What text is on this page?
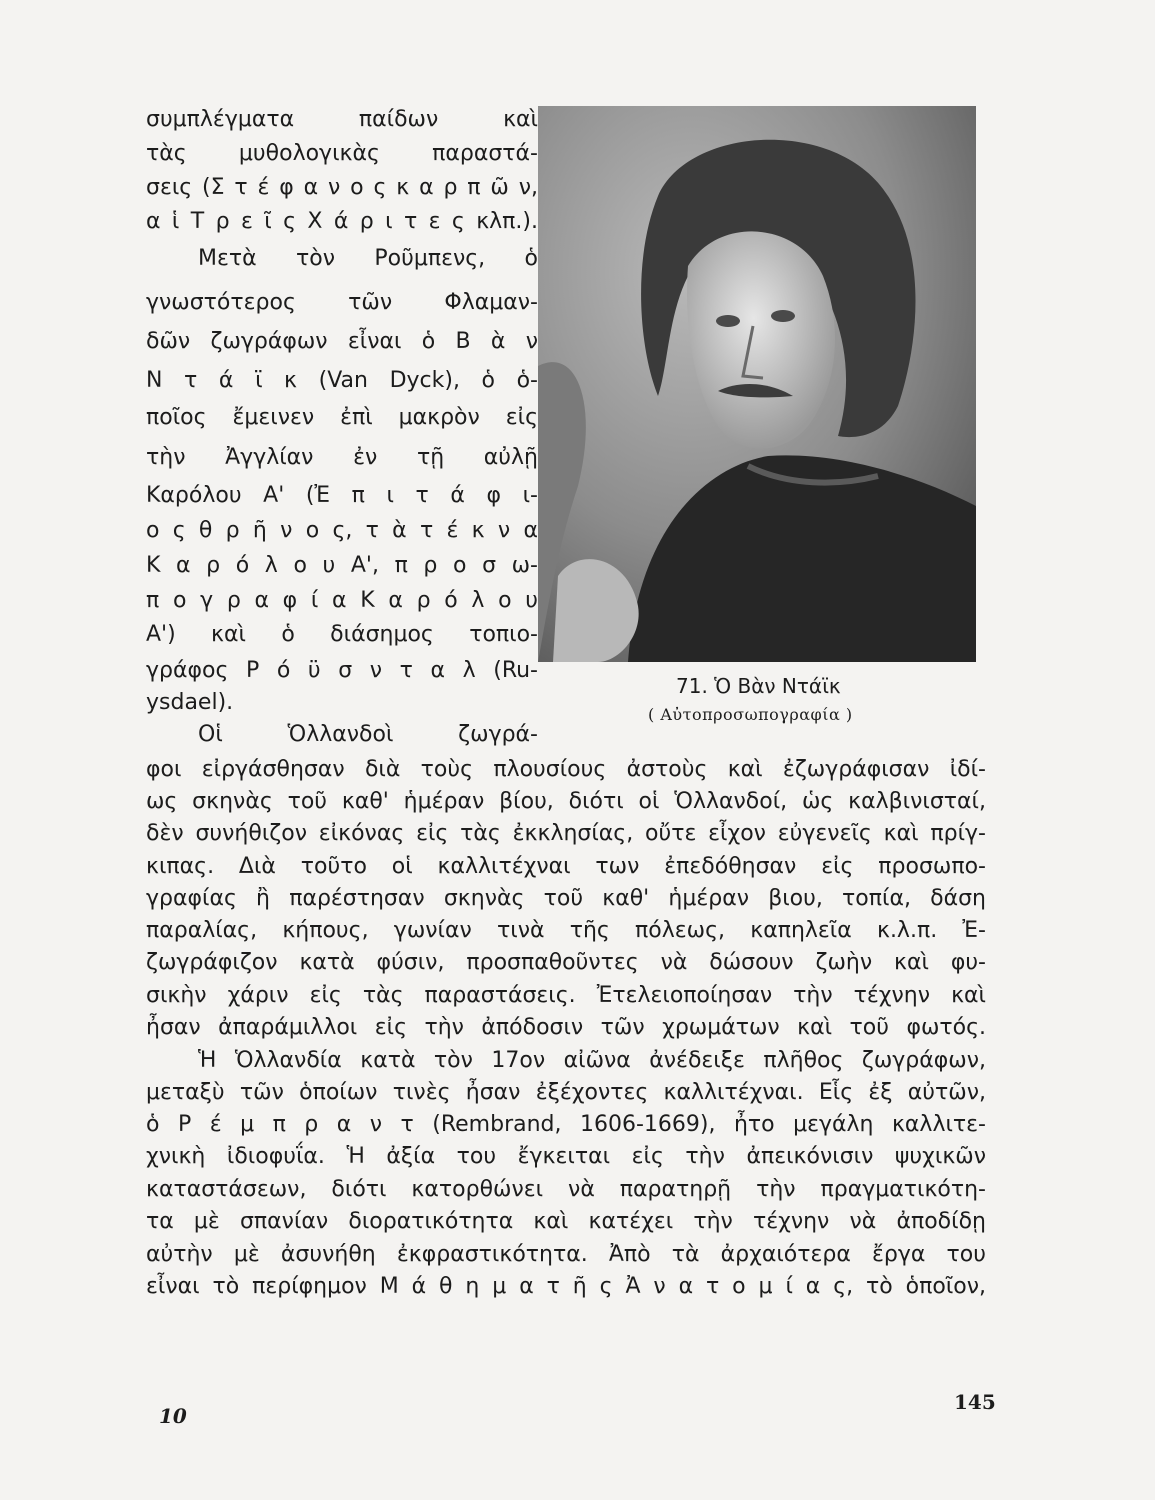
συμπλέγματα παίδων καὶ
τὰς μυθολογικὰς παραστά-
σεις (Σ τ έ φ α ν ο ς κ α ρ π ῶ ν,
α ἱ Τ ρ ε ῖ ς Χ ά ρ ι τ ε ς κλπ.).
Μετὰ τὸν Ροῦμπενς, ὁ
γνωστότερος τῶν Φλαμαν-
δῶν ζωγράφων εἶναι ὁ Β ὰ ν
Ν τ ά ϊ κ (Van Dyck), ὁ ὁ-
ποῖος ἔμεινεν ἐπὶ μακρὸν εἰς
τὴν Ἀγγλίαν ἐν τῇ αὐλῇ
Καρόλου Α' (Ἐ π ι τ ά φ ι-
ο ς θ ρ ῆ ν ο ς, τ ὰ τ έ κ ν α
Κ α ρ ό λ ο υ Α', π ρ ο σ ω-
π ο γ ρ α φ ί α Κ α ρ ό λ ο υ
Α') καὶ ὁ διάσημος τοπιο-
γράφος Ρ ό ϋ σ ν τ α λ (Ru-
ysdael).
Οἱ Ὁλλανδοὶ ζωγρά-
71. Ὁ Βὰν Ντάϊκ
( Αὐτοπροσωπογραφία )
φοι εἰργάσθησαν διὰ τοὺς πλουσίους ἀστοὺς καὶ ἐζωγράφισαν ἰδί-
ως σκηνὰς τοῦ καθ' ἡμέραν βίου, διότι οἱ Ὁλλανδοί, ὡς καλβινισταί,
δὲν συνήθιζον εἰκόνας εἰς τὰς ἐκκλησίας, οὔτε εἶχον εὐγενεῖς καὶ πρίγ-
κιπας. Διὰ τοῦτο οἱ καλλιτέχναι των ἐπεδόθησαν εἰς προσωπο-
γραφίας ἢ παρέστησαν σκηνὰς τοῦ καθ' ἡμέραν βιου, τοπία, δάση
παραλίας, κήπους, γωνίαν τινὰ τῆς πόλεως, καπηλεῖα κ.λ.π. Ἐ-
ζωγράφιζον κατὰ φύσιν, προσπαθοῦντες νὰ δώσουν ζωὴν καὶ φυ-
σικὴν χάριν εἰς τὰς παραστάσεις. Ἐτελειοποίησαν τὴν τέχνην καὶ
ἦσαν ἀπαράμιλλοι εἰς τὴν ἀπόδοσιν τῶν χρωμάτων καὶ τοῦ φωτός.
Ἡ Ὁλλανδία κατὰ τὸν 17ον αἰῶνα ἀνέδειξε πλῆθος ζωγράφων,
μεταξὺ τῶν ὁποίων τινὲς ἦσαν ἐξέχοντες καλλιτέχναι. Εἷς ἐξ αὐτῶν,
ὁ Ρ έ μ π ρ α ν τ (Rembrand, 1606-1669), ἦτο μεγάλη καλλιτε-
χνικὴ ἰδιοφυΐα. Ἡ ἀξία του ἔγκειται εἰς τὴν ἀπεικόνισιν ψυχικῶν
καταστάσεων, διότι κατορθώνει νὰ παρατηρῇ τὴν πραγματικότη-
τα μὲ σπανίαν διορατικότητα καὶ κατέχει τὴν τέχνην νὰ ἀποδίδῃ
αὐτὴν μὲ ἀσυνήθη ἐκφραστικότητα. Ἀπὸ τὰ ἀρχαιότερα ἔργα του
εἶναι τὸ περίφημον Μ ά θ η μ α τ ῆ ς Ἀ ν α τ ο μ ί α ς, τὸ ὁποῖον,
145
10
